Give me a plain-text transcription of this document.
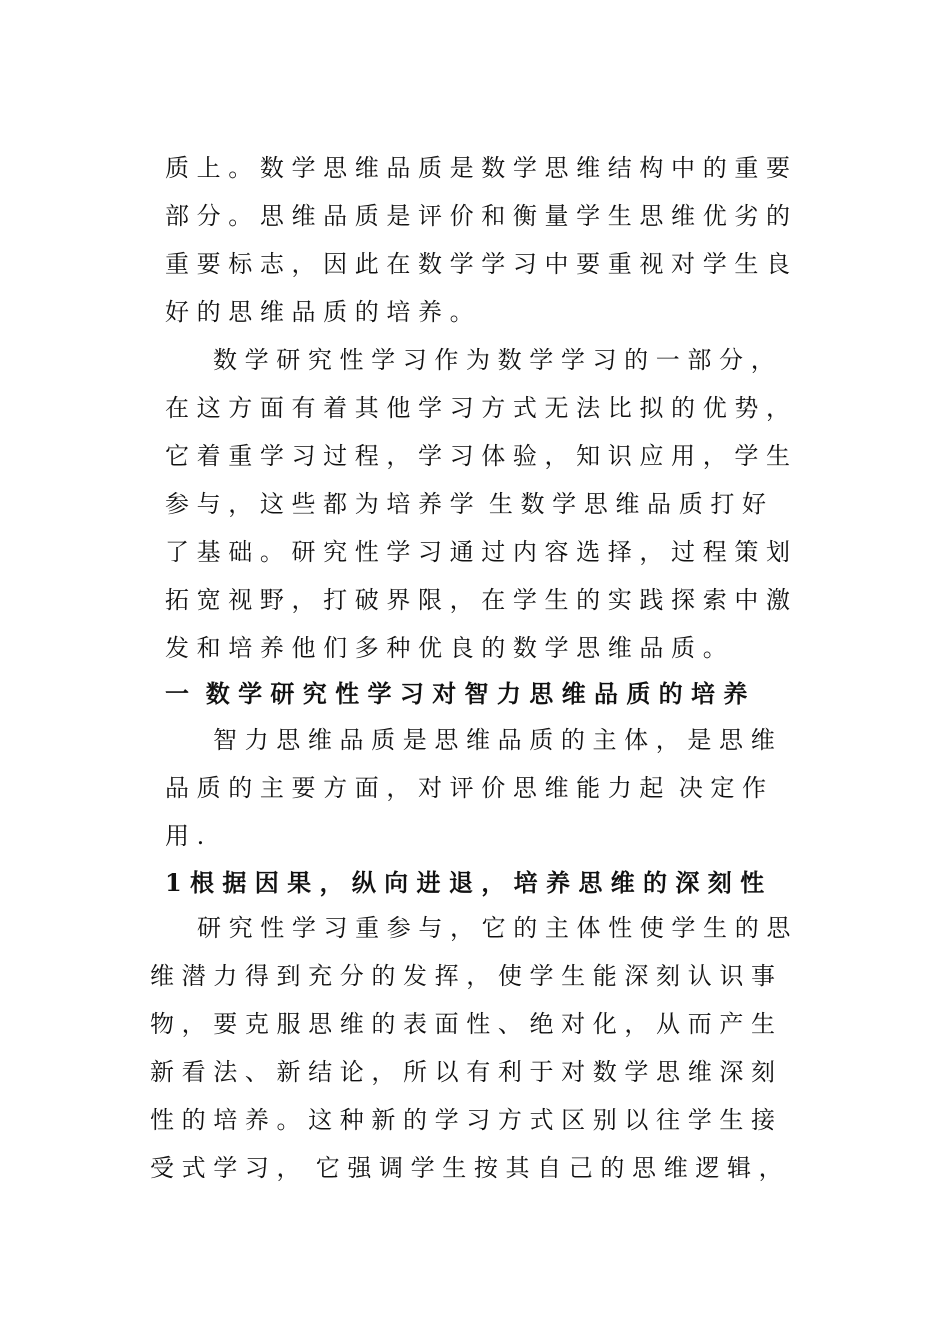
质 上 。 数 学 思 维 品 质 是 数 学 思 维 结 构 中 的 重 要
部 分 。 思 维 品 质 是 评 价 和 衡 量 学 生 思 维 优 劣 的
重 要 标 志 ， 因 此 在 数 学 学 习 中 要 重 视 对 学 生 良
好 的 思 维 品 质 的 培 养 。
数 学 研 究 性 学 习 作 为 数 学 学 习 的 一 部 分 ，
在 这 方 面 有 着 其 他 学 习 方 式 无 法 比 拟 的 优 势 ，
它 着 重 学 习 过 程 ， 学 习 体 验 ， 知 识 应 用 ， 学 生
参 与 ， 这 些 都 为 培 养 学  生 数 学 思 维 品 质 打 好
了 基 础 。 研 究 性 学 习 通 过 内 容 选 择 ， 过 程 策 划
拓 宽 视 野 ， 打 破 界 限 ， 在 学 生 的 实 践 探 索 中 激
发 和 培 养 他 们 多 种 优 良 的 数 学 思 维 品 质 。
一  数 学 研 究 性 学 习 对 智 力 思 维 品 质 的 培 养
智 力 思 维 品 质 是 思 维 品 质 的 主 体 ， 是 思 维
品 质 的 主 要 方 面 ， 对 评 价 思 维 能 力 起  决 定 作
用 .
1 根 据 因 果 ， 纵 向 进 退 ， 培 养 思 维 的 深 刻 性
研 究 性 学 习 重 参 与 ， 它 的 主 体 性 使 学 生 的 思
维 潜 力 得 到 充 分 的 发 挥 ， 使 学 生 能 深 刻 认 识 事
物 ， 要 克 服 思 维 的 表 面 性 、 绝 对 化 ， 从 而 产 生
新 看 法 、 新 结 论 ， 所 以 有 利 于 对 数 学 思 维 深 刻
性 的 培 养 。 这 种 新 的 学 习 方 式 区 别 以 往 学 生 接
受 式 学 习 ，  它 强 调 学 生 按 其 自 己 的 思 维 逻 辑 ，
